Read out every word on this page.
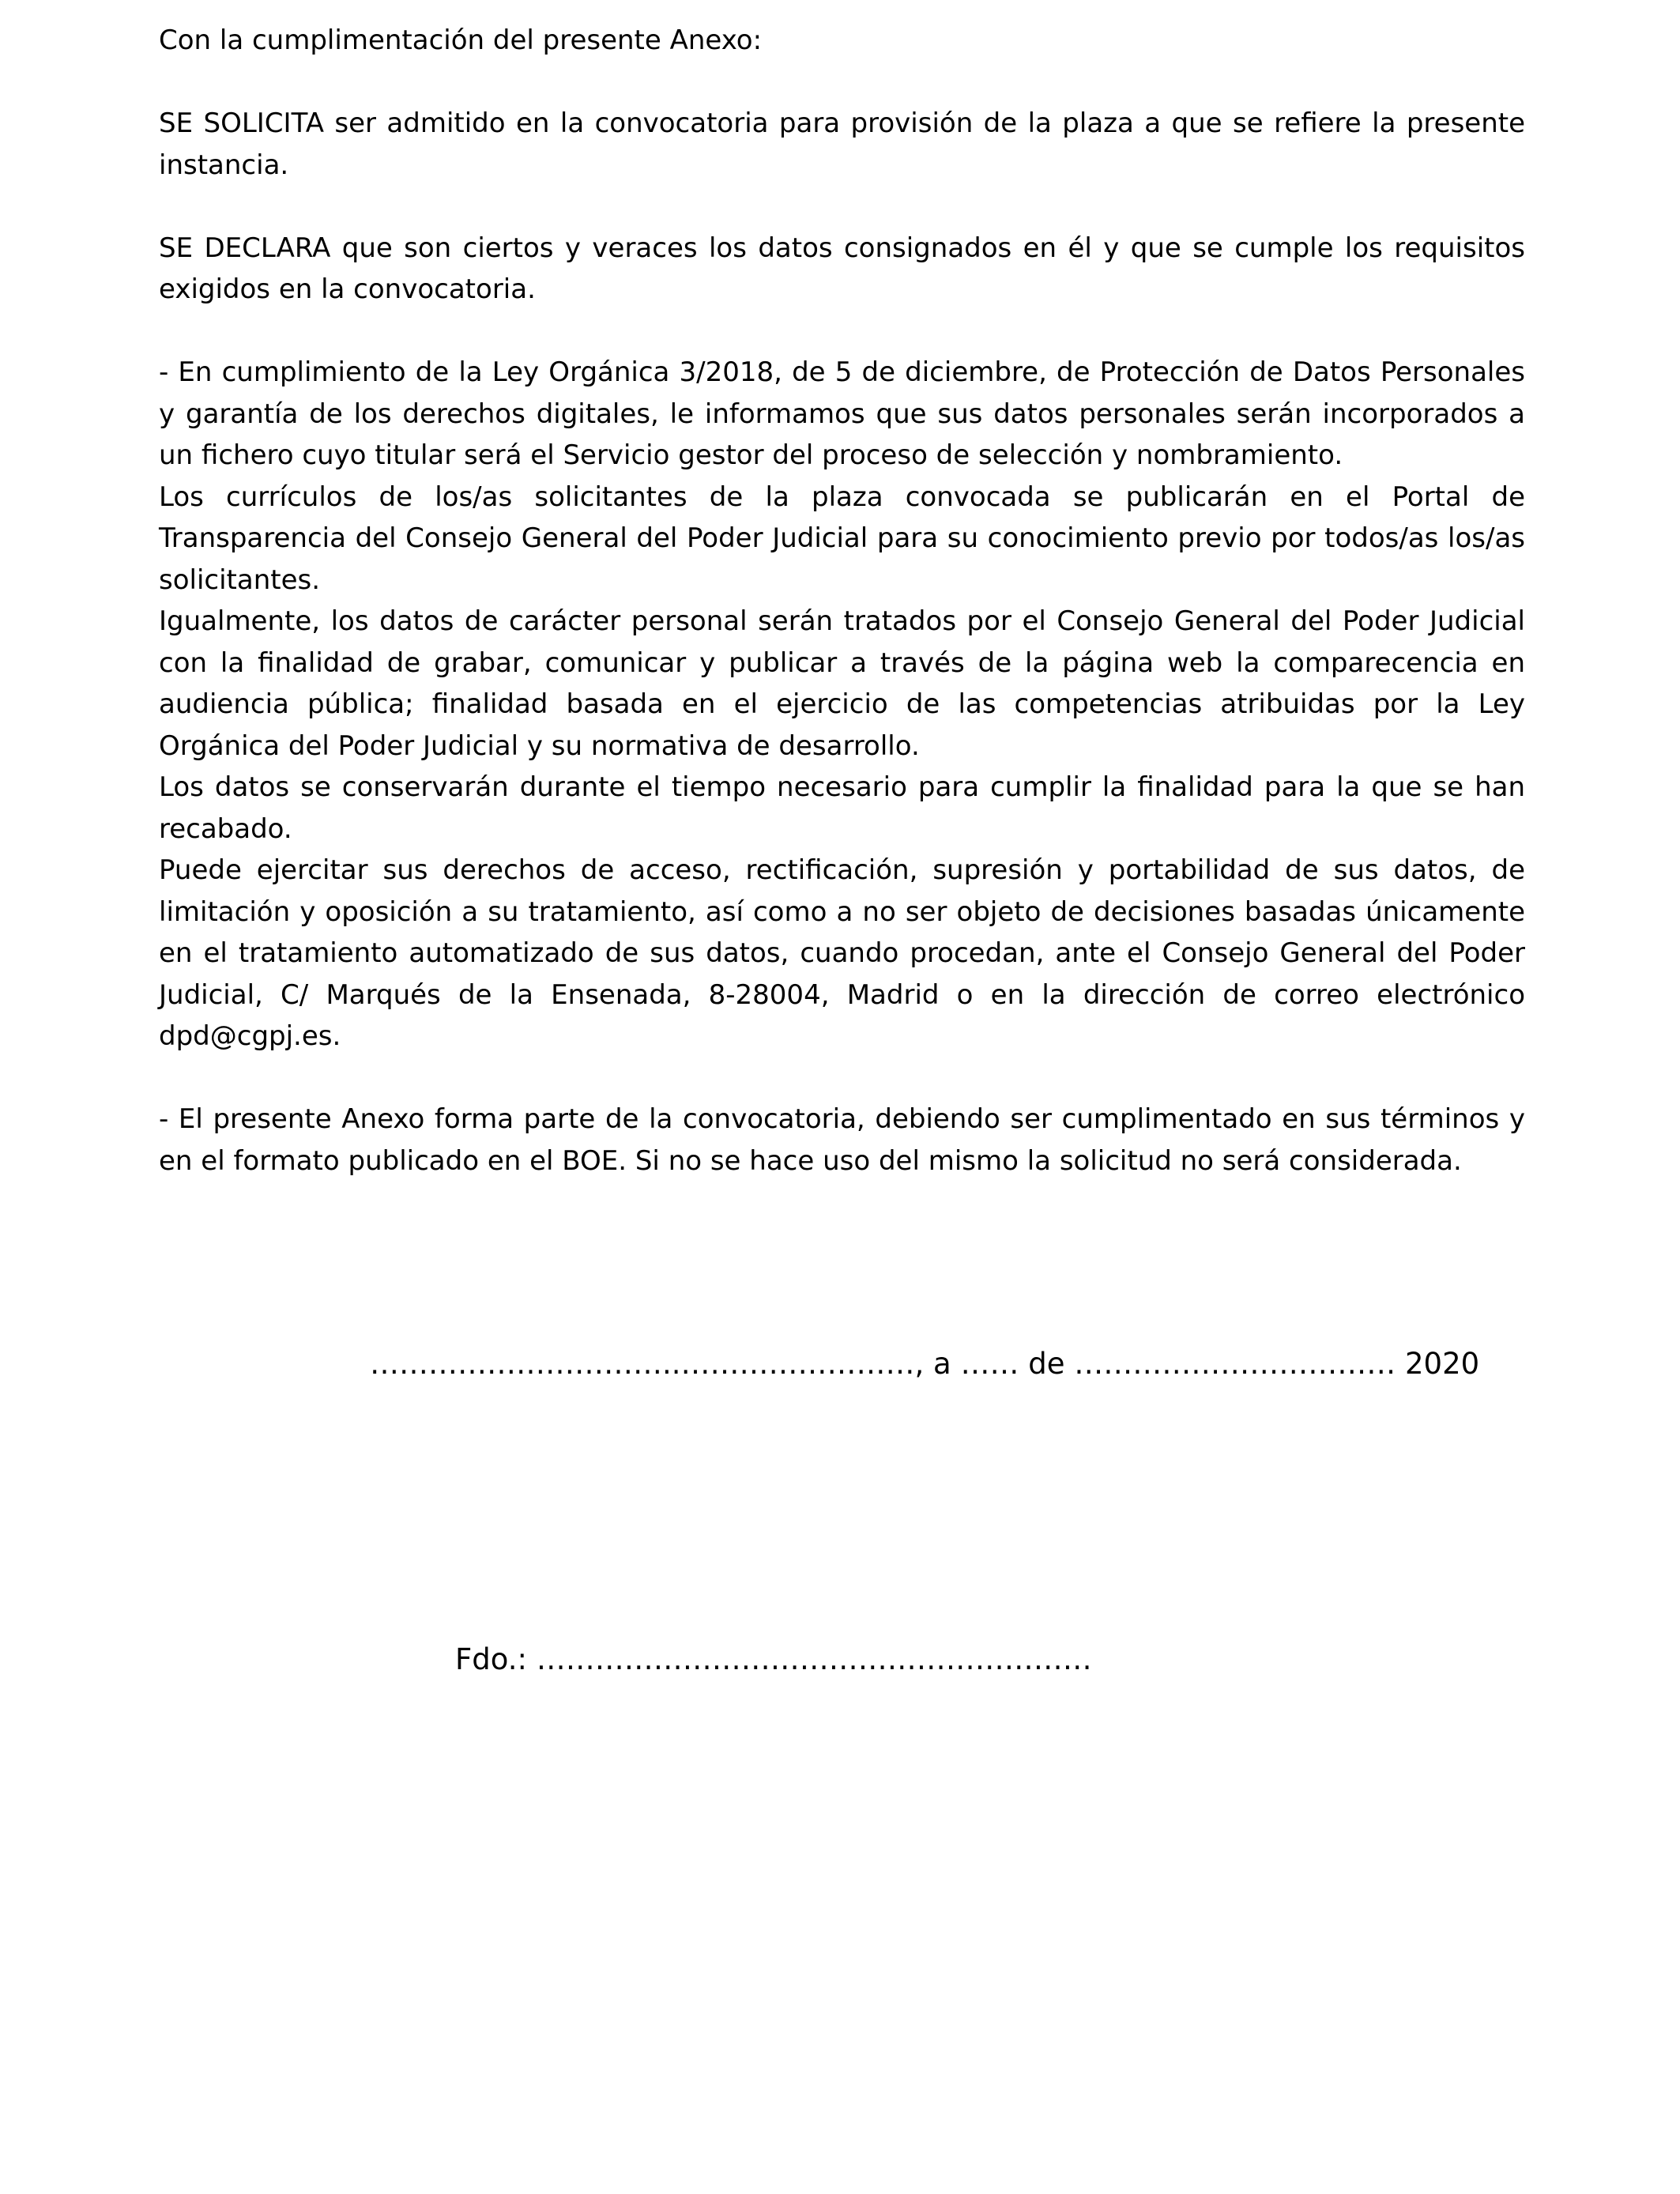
Con la cumplimentación del presente Anexo:

SE SOLICITA ser admitido en la convocatoria para provisión de la plaza a que se refiere la presente instancia.

SE DECLARA que son ciertos y veraces los datos consignados en él y que se cumple los requisitos exigidos en la convocatoria.

- En cumplimiento de la Ley Orgánica 3/2018, de 5 de diciembre, de Protección de Datos Personales y garantía de los derechos digitales, le informamos que sus datos personales serán incorporados a un fichero cuyo titular será el Servicio gestor del proceso de selección y nombramiento.

Los currículos de los/as solicitantes de la plaza convocada se publicarán en el Portal de Transparencia del Consejo General del Poder Judicial para su conocimiento previo por todos/as los/as solicitantes.

Igualmente, los datos de carácter personal serán tratados por el Consejo General del Poder Judicial con la finalidad de grabar, comunicar y publicar a través de la página web la comparecencia en audiencia pública; finalidad basada en el ejercicio de las competencias atribuidas por la Ley Orgánica del Poder Judicial y su normativa de desarrollo.

Los datos se conservarán durante el tiempo necesario para cumplir la finalidad para la que se han recabado.

Puede ejercitar sus derechos de acceso, rectificación, supresión y portabilidad de sus datos, de limitación y oposición a su tratamiento, así como a no ser objeto de decisiones basadas únicamente en el tratamiento automatizado de sus datos, cuando procedan, ante el Consejo General del Poder Judicial, C/ Marqués de la Ensenada, 8-28004, Madrid o en la dirección de correo electrónico dpd@cgpj.es.

- El presente Anexo forma parte de la convocatoria, debiendo ser cumplimentado en sus términos y en el formato publicado en el BOE. Si no se hace uso del mismo la solicitud no será considerada.

…………………………..……………………, a …… de …………………………… 2020
Fdo.: …………………………………………………
